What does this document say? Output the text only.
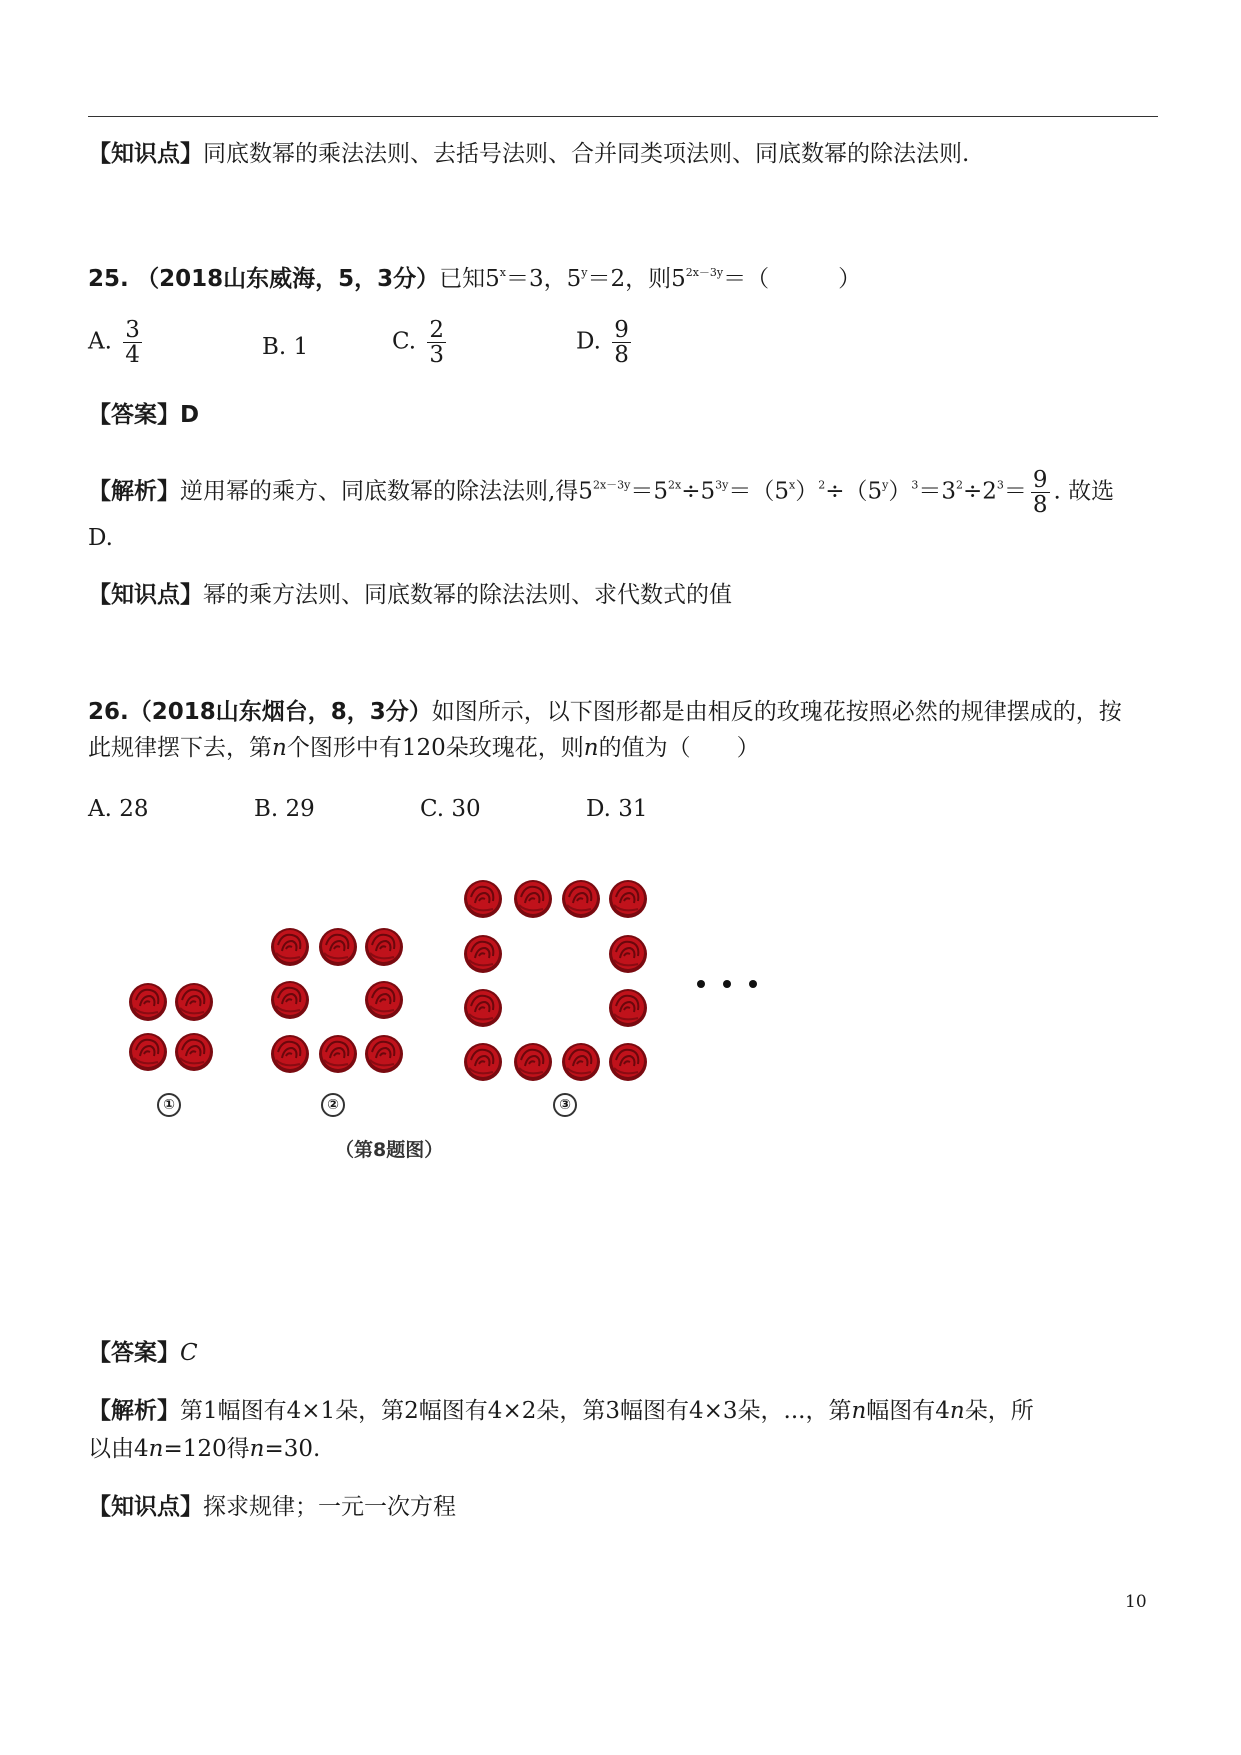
【知识点】同底数幂的乘法法则、去括号法则、合并同类项法则、同底数幂的除法法则.
25. （2018山东威海，5，3分）已知$5^x=3$，$5^y=2$，则$5^{2x-3y}=$（　　　）
A. $\frac{3}{4}$	B. 1	C. $\frac{2}{3}$	D. $\frac{9}{8}$
【答案】D
【解析】逆用幂的乘方、同底数幂的除法法则,得$5^{2x-3y}=5^{2x}\div 5^{3y}=(5^x)^2\div(5^y)^3=3^2\div 2^3= \frac{9}{8}$ . 故选
D.
【知识点】幂的乘方法则、同底数幂的除法法则、求代数式的值
26.（2018山东烟台，8，3分）如图所示，以下图形都是由相反的玫瑰花按照必然的规律摆成的，按
此规律摆下去，第n个图形中有120朵玫瑰花，则n的值为（　　）
A. 28	B. 29	C. 30	D. 31
①	②	③
（第8题图）
【答案】C
【解析】第1幅图有4×1朵，第2幅图有4×2朵，第3幅图有4×3朵，...，第n幅图有4n朵，所
以由4n=120得n=30.
【知识点】探求规律；一元一次方程
10
